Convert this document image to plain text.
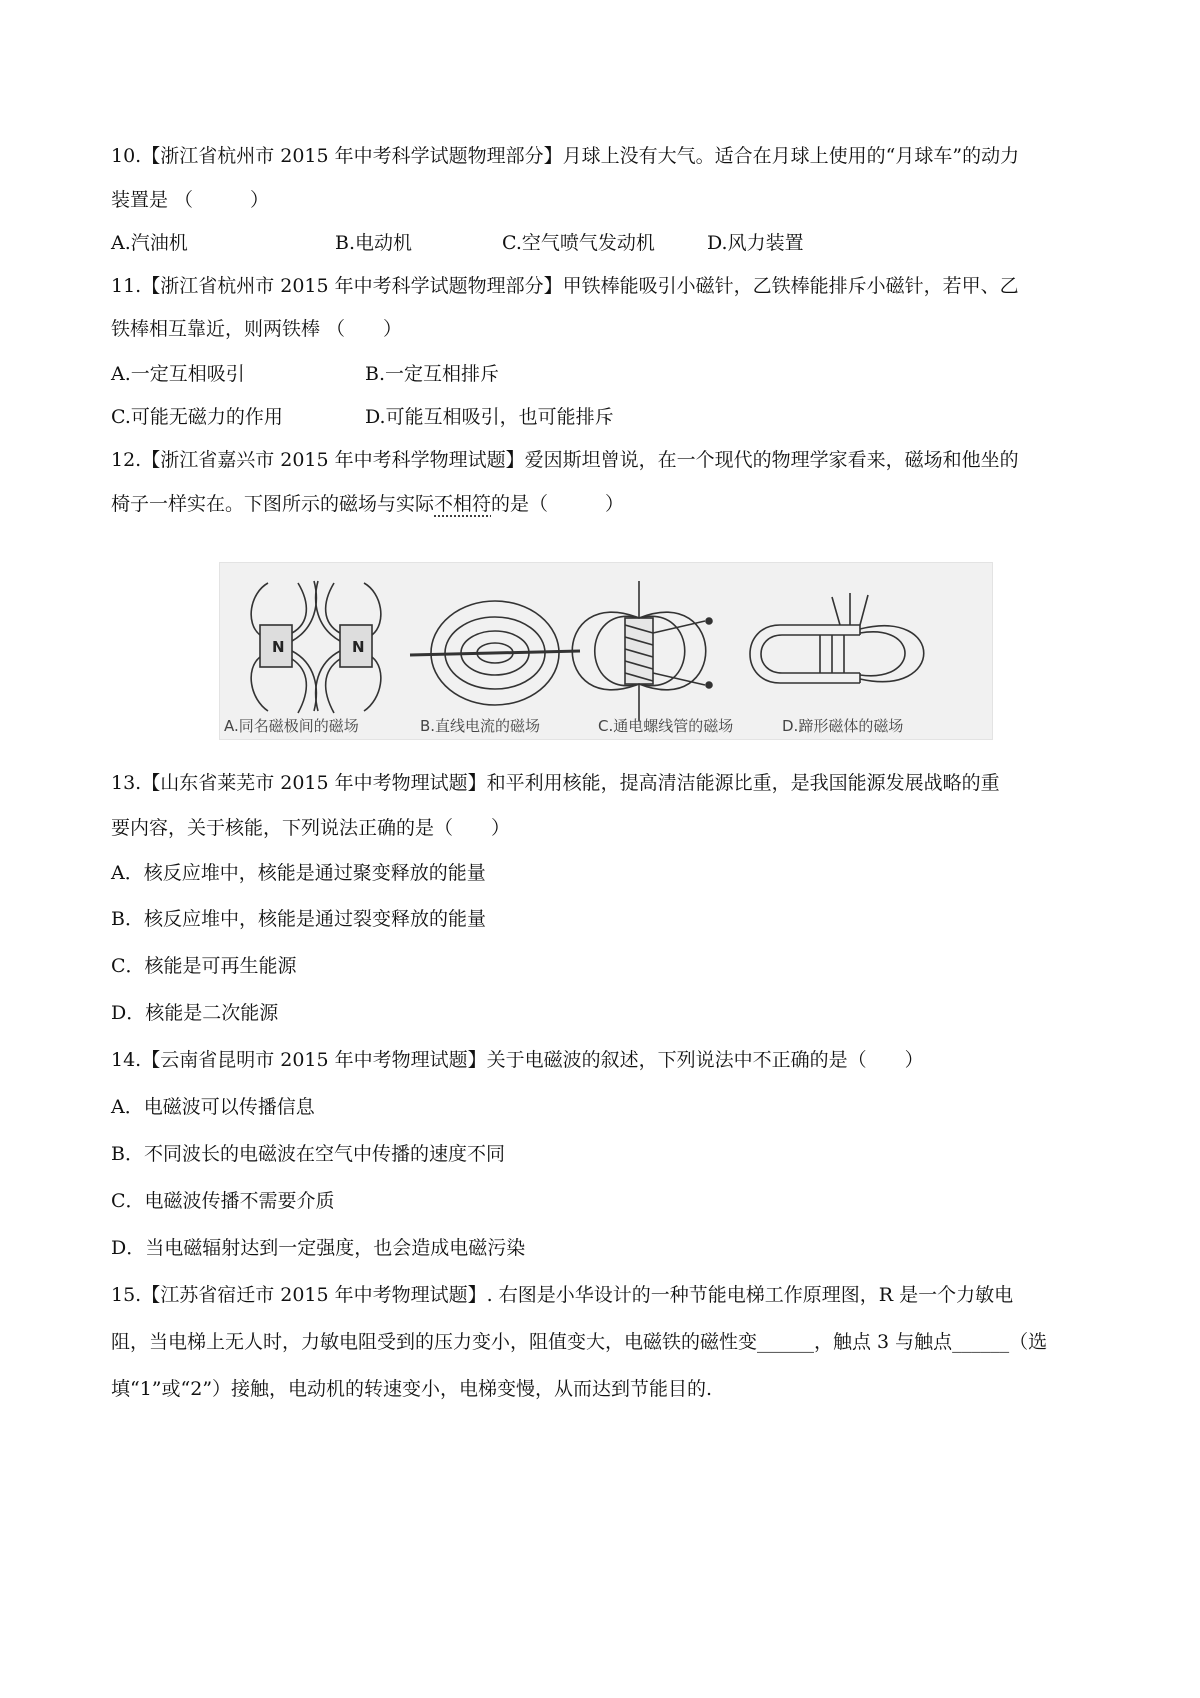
10.【浙江省杭州市 2015 年中考科学试题物理部分】月球上没有大气。适合在月球上使用的“月球车”的动力
装置是 （　　　）
A.汽油机	B.电动机	C.空气喷气发动机	D.风力装置
11.【浙江省杭州市 2015 年中考科学试题物理部分】甲铁棒能吸引小磁针，乙铁棒能排斥小磁针，若甲、乙
铁棒相互靠近，则两铁棒 （　　）
A.一定互相吸引	B.一定互相排斥
C.可能无磁力的作用	D.可能互相吸引，也可能排斥
12.【浙江省嘉兴市 2015 年中考科学物理试题】爱因斯坦曾说，在一个现代的物理学家看来，磁场和他坐的
椅子一样实在。下图所示的磁场与实际不相符的是（　　　）
N	N
A.同名磁极间的磁场	B.直线电流的磁场	C.通电螺线管的磁场	D.蹄形磁体的磁场
13.【山东省莱芜市 2015 年中考物理试题】和平利用核能，提高清洁能源比重，是我国能源发展战略的重
要内容，关于核能，下列说法正确的是（　　）
A．核反应堆中，核能是通过聚变释放的能量
B．核反应堆中，核能是通过裂变释放的能量
C．核能是可再生能源
D．核能是二次能源
14.【云南省昆明市 2015 年中考物理试题】关于电磁波的叙述，下列说法中不正确的是（　　）
A．电磁波可以传播信息
B．不同波长的电磁波在空气中传播的速度不同
C．电磁波传播不需要介质
D．当电磁辐射达到一定强度，也会造成电磁污染
15.【江苏省宿迁市 2015 年中考物理试题】. 右图是小华设计的一种节能电梯工作原理图，R 是一个力敏电
阻，当电梯上无人时，力敏电阻受到的压力变小，阻值变大，电磁铁的磁性变______，触点 3 与触点______（选
填“1”或“2”）接触，电动机的转速变小，电梯变慢，从而达到节能目的.
